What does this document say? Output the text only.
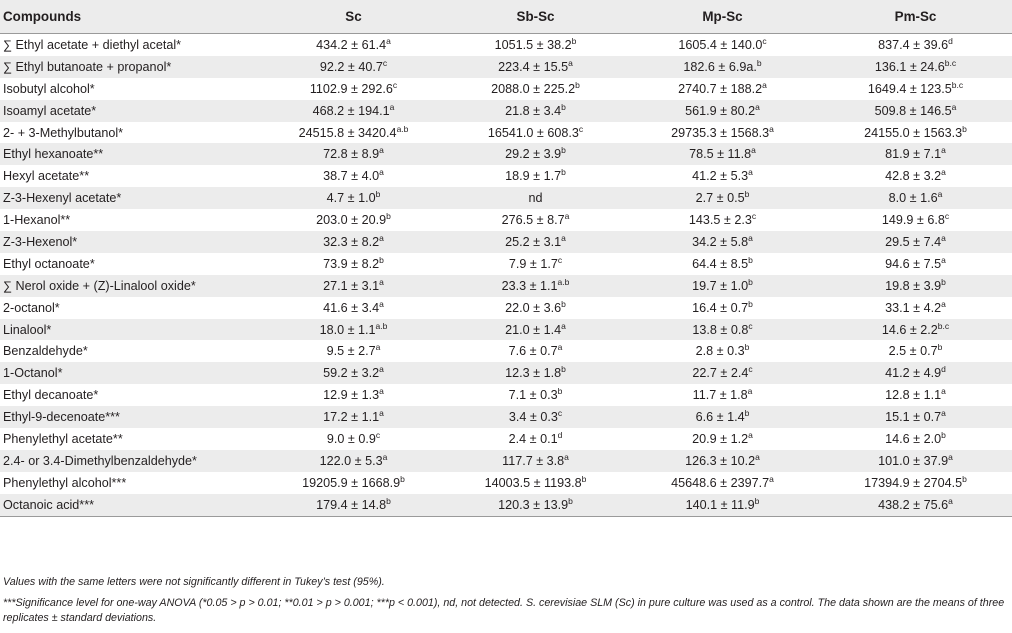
Compounds	Sc	Sb-Sc	Mp-Sc	Pm-Sc
∑ Ethyl acetate + diethyl acetal*	434.2 ± 61.4$^a$	1051.5 ± 38.2$^b$	1605.4 ± 140.0$^c$	837.4 ± 39.6$^d$
∑ Ethyl butanoate + propanol*	92.2 ± 40.7$^c$	223.4 ± 15.5$^a$	182.6 ± 6.9a.$^b$	$136.1 \pm 24.6^{b.c}$
Isobutyl alcohol*	1102.9 ± 292.6$^c$	2088.0 ± 225.2$^b$	2740.7 ± 188.2$^a$	$1649.4 \pm 123.5^{b.c}$
Isoamyl acetate*	468.2 ± 194.1$^a$	21.8 ± 3.4$^b$	561.9 ± 80.2$^a$	509.8 ± 146.5$^a$
2- + 3-Methylbutanol*	$24515.8 \pm 3420.4^{a.b}$	16541.0 ± 608.3$^c$	29735.3 ± 1568.3$^a$	24155.0 ± 1563.3$^b$
Ethyl hexanoate**	72.8 ± 8.9$^a$	29.2 ± 3.9$^b$	78.5 ± 11.8$^a$	81.9 ± 7.1$^a$
Hexyl acetate**	38.7 ± 4.0$^a$	18.9 ± 1.7$^b$	41.2 ± 5.3$^a$	42.8 ± 3.2$^a$
Z-3-Hexenyl acetate*	4.7 ± 1.0$^b$	nd	2.7 ± 0.5$^b$	8.0 ± 1.6$^a$
1-Hexanol**	203.0 ± 20.9$^b$	276.5 ± 8.7$^a$	143.5 ± 2.3$^c$	149.9 ± 6.8$^c$
Z-3-Hexenol*	32.3 ± 8.2$^a$	25.2 ± 3.1$^a$	34.2 ± 5.8$^a$	29.5 ± 7.4$^a$
Ethyl octanoate*	73.9 ± 8.2$^b$	7.9 ± 1.7$^c$	64.4 ± 8.5$^b$	94.6 ± 7.5$^a$
∑ Nerol oxide + (Z)-Linalool oxide*	27.1 ± 3.1$^a$	$23.3 \pm 1.1^{a.b}$	19.7 ± 1.0$^b$	19.8 ± 3.9$^b$
2-octanol*	41.6 ± 3.4$^a$	22.0 ± 3.6$^b$	16.4 ± 0.7$^b$	33.1 ± 4.2$^a$
Linalool*	$18.0 \pm 1.1^{a.b}$	21.0 ± 1.4$^a$	13.8 ± 0.8$^c$	$14.6 \pm 2.2^{b.c}$
Benzaldehyde*	9.5 ± 2.7$^a$	7.6 ± 0.7$^a$	2.8 ± 0.3$^b$	2.5 ± 0.7$^b$
1-Octanol*	59.2 ± 3.2$^a$	12.3 ± 1.8$^b$	22.7 ± 2.4$^c$	41.2 ± 4.9$^d$
Ethyl decanoate*	12.9 ± 1.3$^a$	7.1 ± 0.3$^b$	11.7 ± 1.8$^a$	12.8 ± 1.1$^a$
Ethyl-9-decenoate***	17.2 ± 1.1$^a$	3.4 ± 0.3$^c$	6.6 ± 1.4$^b$	15.1 ± 0.7$^a$
Phenylethyl acetate**	9.0 ± 0.9$^c$	2.4 ± 0.1$^d$	20.9 ± 1.2$^a$	14.6 ± 2.0$^b$
2.4- or 3.4-Dimethylbenzaldehyde*	122.0 ± 5.3$^a$	117.7 ± 3.8$^a$	126.3 ± 10.2$^a$	101.0 ± 37.9$^a$
Phenylethyl alcohol***	19205.9 ± 1668.9$^b$	14003.5 ± 1193.8$^b$	45648.6 ± 2397.7$^a$	17394.9 ± 2704.5$^b$
Octanoic acid***	179.4 ± 14.8$^b$	120.3 ± 13.9$^b$	140.1 ± 11.9$^b$	438.2 ± 75.6$^a$

Values with the same letters were not significantly different in Tukey’s test (95%).

***Significance level for one-way ANOVA (*0.05 > p > 0.01; **0.01 > p > 0.001; ***p < 0.001), nd, not detected. S. cerevisiae SLM (Sc) in pure culture was used as a control. The data shown are the means of three replicates ± standard deviations.
